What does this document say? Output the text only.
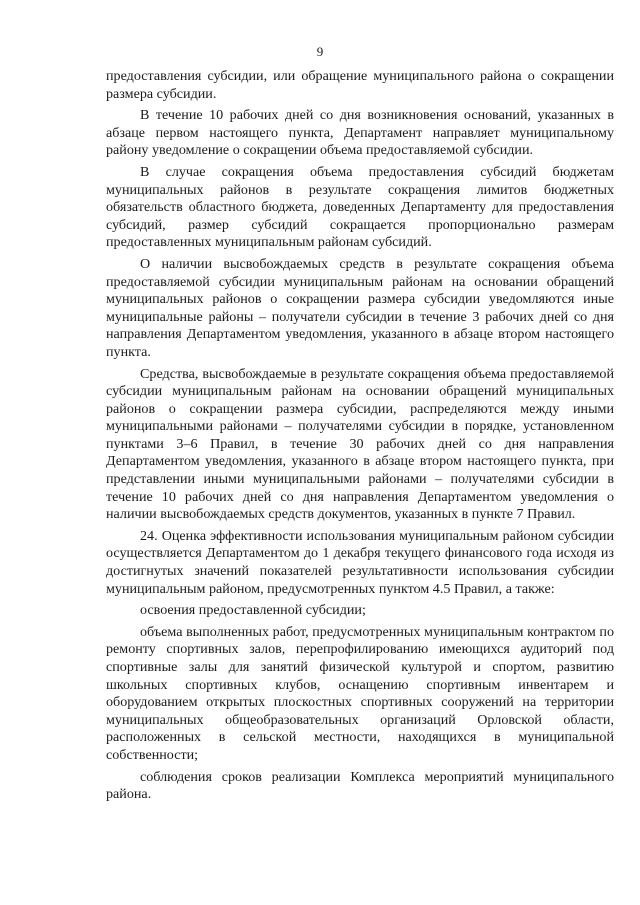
9

предоставления субсидии, или обращение муниципального района о сокращении размера субсидии.

В течение 10 рабочих дней со дня возникновения оснований, указанных в абзаце первом настоящего пункта, Департамент направляет муниципальному району уведомление о сокращении объема предоставляемой субсидии.

В случае сокращения объема предоставления субсидий бюджетам муниципальных районов в результате сокращения лимитов бюджетных обязательств областного бюджета, доведенных Департаменту для предоставления субсидий, размер субсидий сокращается пропорционально размерам предоставленных муниципальным районам субсидий.

О наличии высвобождаемых средств в результате сокращения объема предоставляемой субсидии муниципальным районам на основании обращений муниципальных районов о сокращении размера субсидии уведомляются иные муниципальные районы – получатели субсидии в течение 3 рабочих дней со дня направления Департаментом уведомления, указанного в абзаце втором настоящего пункта.

Средства, высвобождаемые в результате сокращения объема предоставляемой субсидии муниципальным районам на основании обращений муниципальных районов о сокращении размера субсидии, распределяются между иными муниципальными районами – получателями субсидии в порядке, установленном пунктами 3–6 Правил, в течение 30 рабочих дней со дня направления Департаментом уведомления, указанного в абзаце втором настоящего пункта, при представлении иными муниципальными районами – получателями субсидии в течение 10 рабочих дней со дня направления Департаментом уведомления о наличии высвобождаемых средств документов, указанных в пункте 7 Правил.

24. Оценка эффективности использования муниципальным районом субсидии осуществляется Департаментом до 1 декабря текущего финансового года исходя из достигнутых значений показателей результативности использования субсидии муниципальным районом, предусмотренных пунктом 4.5 Правил, а также:

освоения предоставленной субсидии;

объема выполненных работ, предусмотренных муниципальным контрактом по ремонту спортивных залов, перепрофилированию имеющихся аудиторий под спортивные залы для занятий физической культурой и спортом, развитию школьных спортивных клубов, оснащению спортивным инвентарем и оборудованием открытых плоскостных спортивных сооружений на территории муниципальных общеобразовательных организаций Орловской области, расположенных в сельской местности, находящихся в муниципальной собственности;

соблюдения сроков реализации Комплекса мероприятий муниципального района.
